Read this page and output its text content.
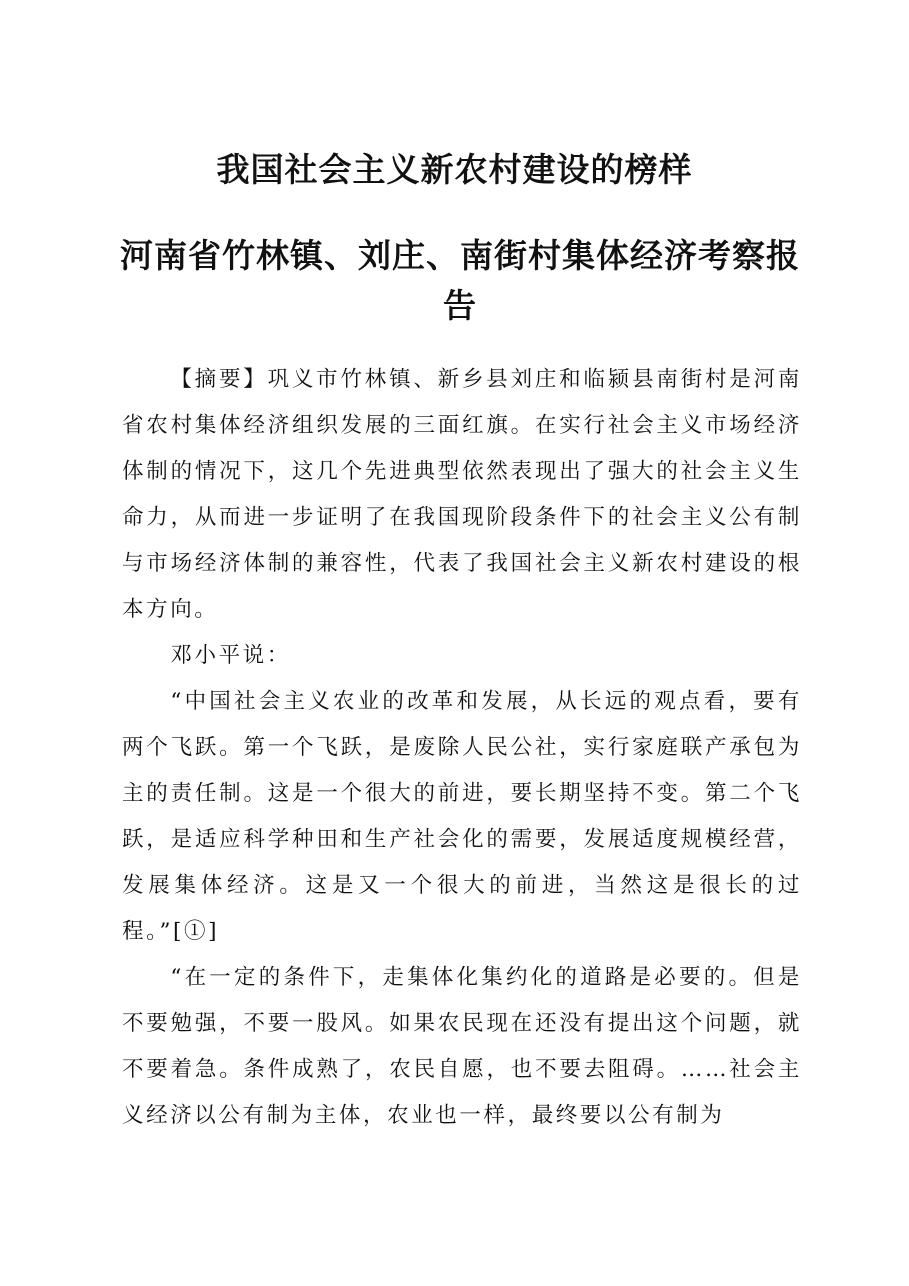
我国社会主义新农村建设的榜样
河南省竹林镇、刘庄、南街村集体经济考察报告

【摘要】巩义市竹林镇、新乡县刘庄和临颍县南街村是河南省农村集体经济组织发展的三面红旗。在实行社会主义市场经济体制的情况下，这几个先进典型依然表现出了强大的社会主义生命力，从而进一步证明了在我国现阶段条件下的社会主义公有制与市场经济体制的兼容性，代表了我国社会主义新农村建设的根本方向。

邓小平说：

“中国社会主义农业的改革和发展，从长远的观点看，要有两个飞跃。第一个飞跃，是废除人民公社，实行家庭联产承包为主的责任制。这是一个很大的前进，要长期坚持不变。第二个飞跃，是适应科学种田和生产社会化的需要，发展适度规模经营，发展集体经济。这是又一个很大的前进，当然这是很长的过程。”[①]

“在一定的条件下，走集体化集约化的道路是必要的。但是不要勉强，不要一股风。如果农民现在还没有提出这个问题，就不要着急。条件成熟了，农民自愿，也不要去阻碍。……社会主义经济以公有制为主体，农业也一样，最终要以公有制为
